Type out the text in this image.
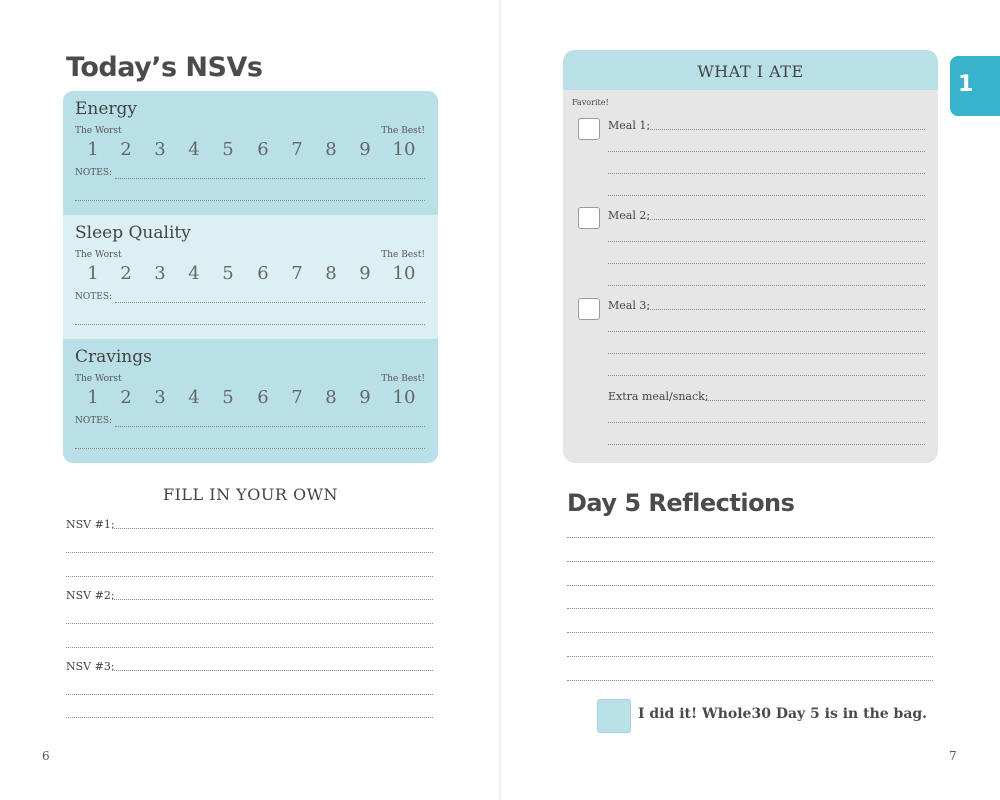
Today’s NSVs
Energy
The Worst	The Best!
1	2	3	4	5	6	7	8	9	10
NOTES:
Sleep Quality
The Worst	The Best!
1	2	3	4	5	6	7	8	9	10
NOTES:
Cravings
The Worst	The Best!
1	2	3	4	5	6	7	8	9	10
NOTES:
FILL IN YOUR OWN
NSV #1:
NSV #2:
NSV #3:
6
WHAT I ATE
Favorite!
Meal 1:
Meal 2:
Meal 3:
Extra meal/snack:
Day 5 Reflections
I did it! Whole30 Day 5 is in the bag.
7
1
